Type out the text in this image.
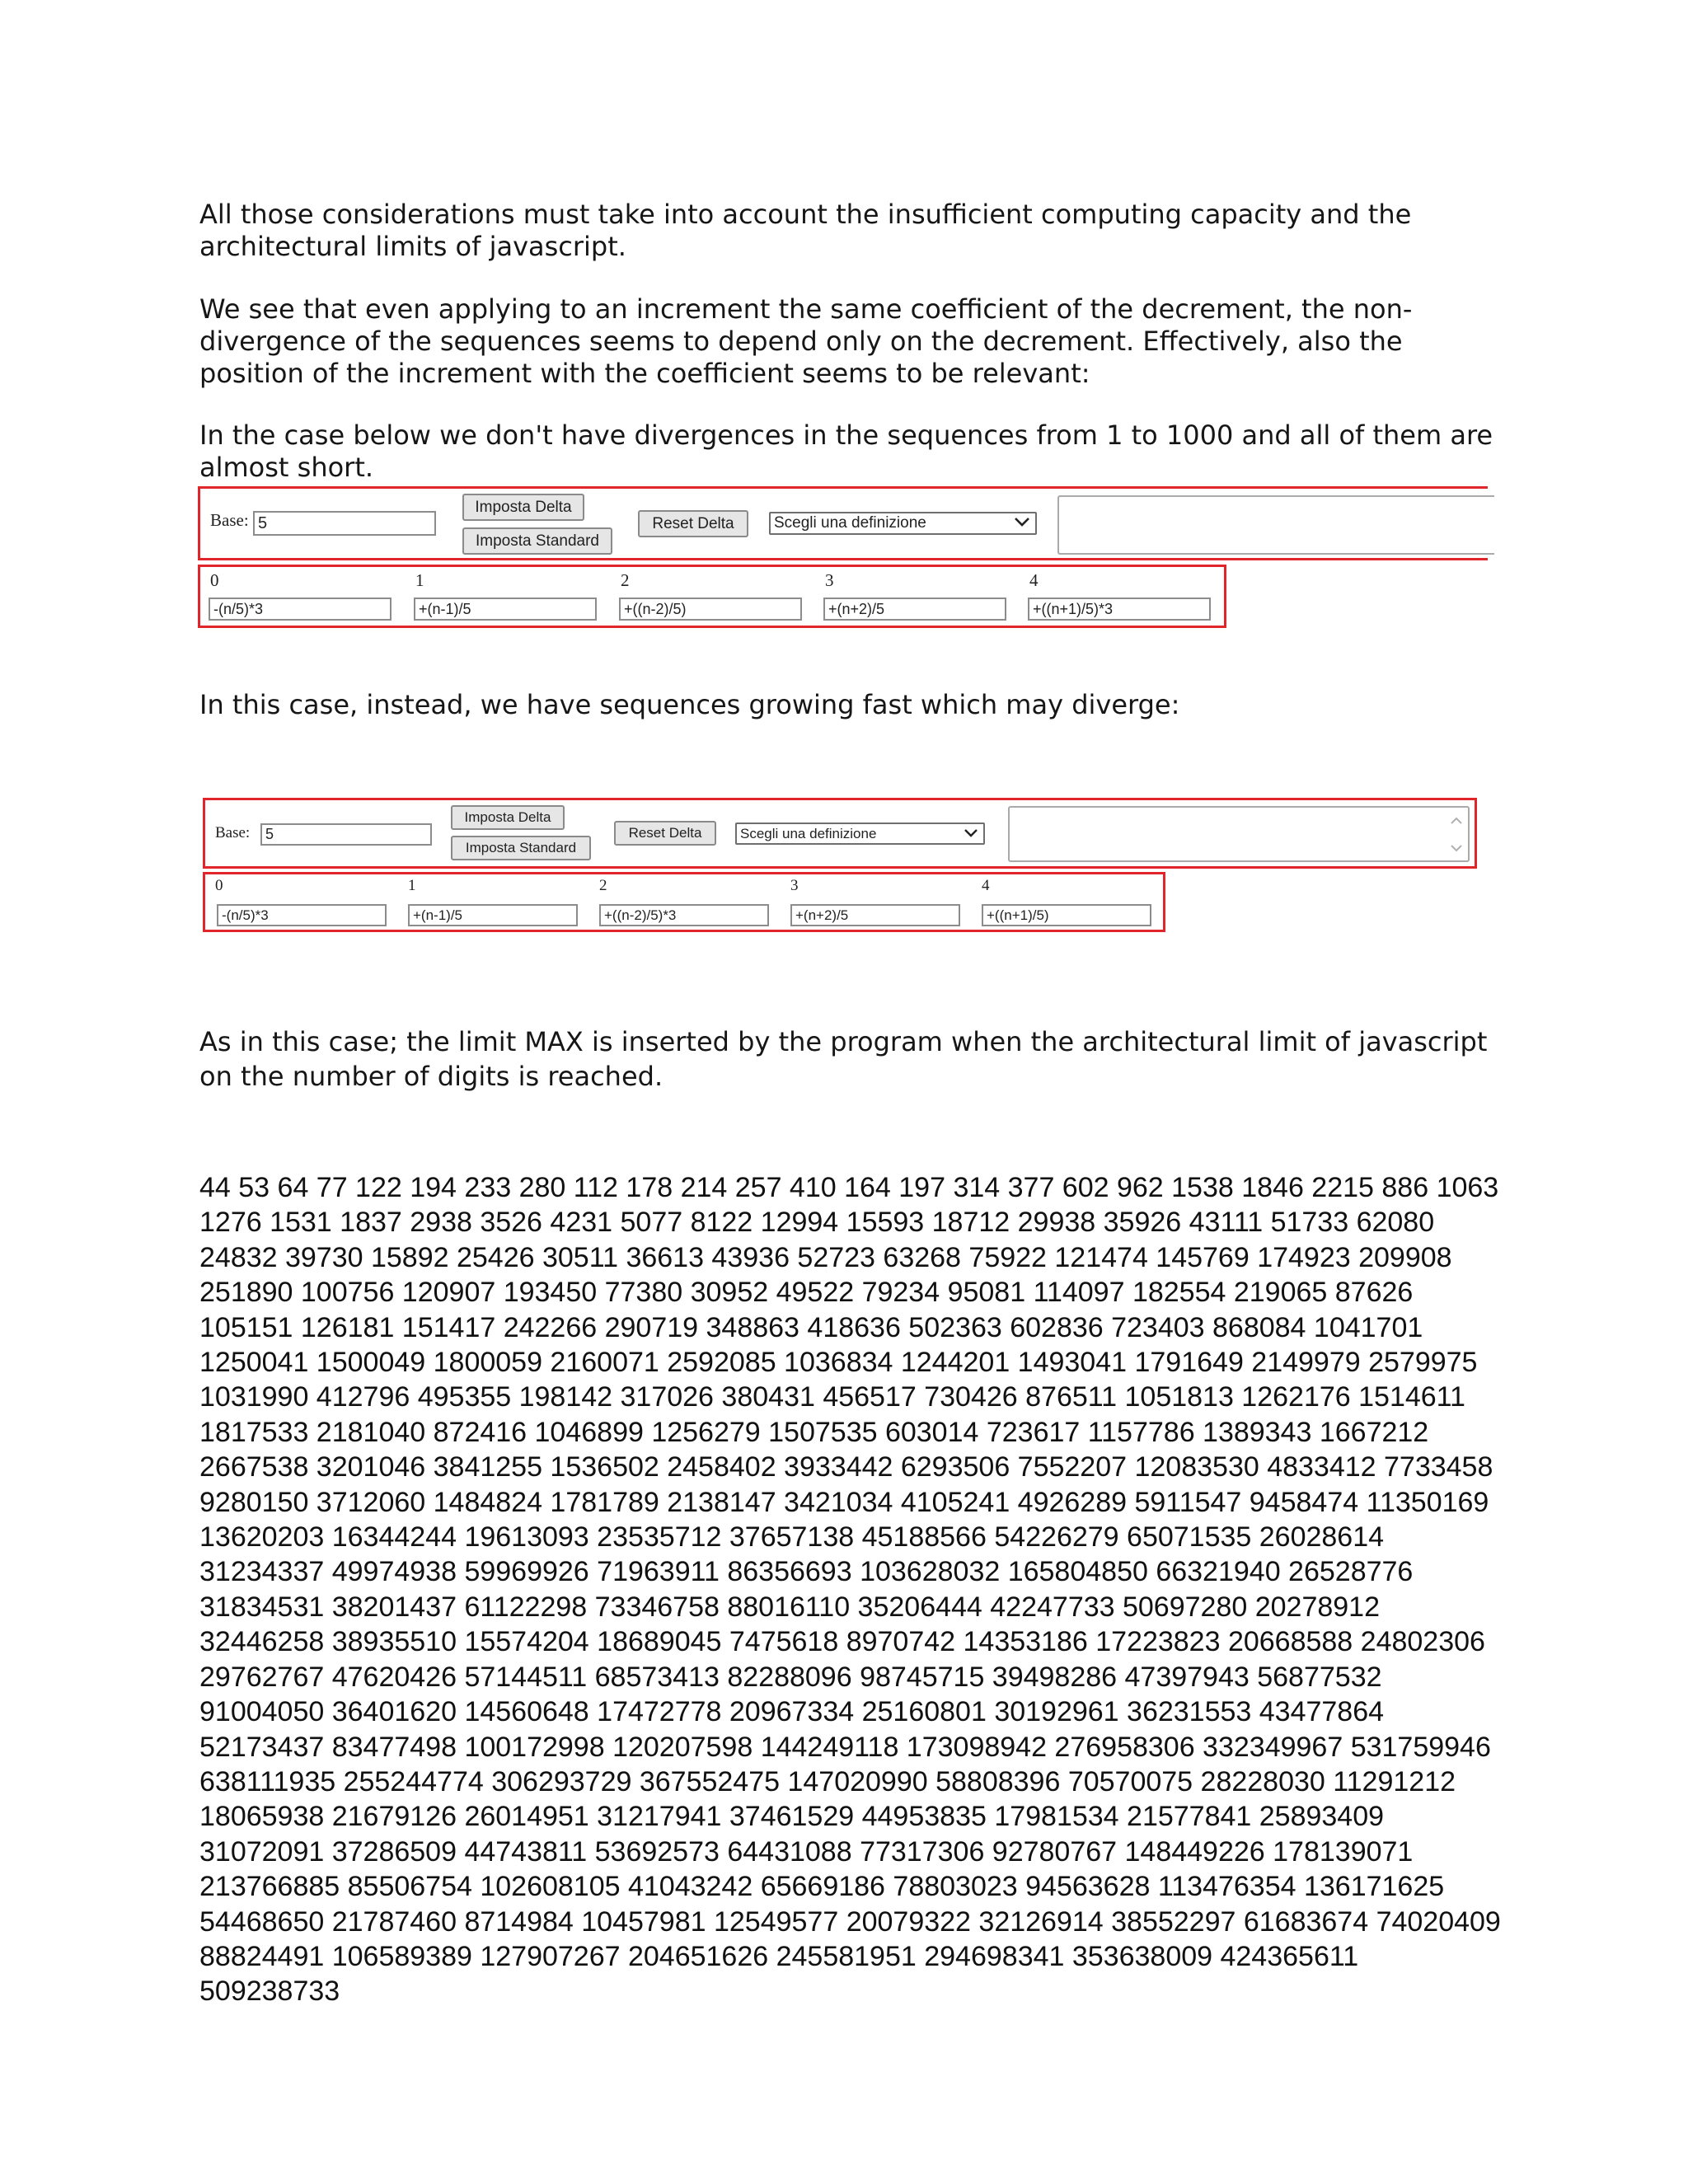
All those considerations must take into account the insufficient computing capacity and the architectural limits of javascript.

We see that even applying to an increment the same coefficient of the decrement, the non-divergence of the sequences seems to depend only on the decrement. Effectively, also the position of the increment with the coefficient seems to be relevant:

In the case below we don't have divergences in the sequences from 1 to 1000 and all of them are almost short.

Base: 5
Imposta Delta
Imposta Standard
Reset Delta	Scegli una definizione
0	1	2	3	4
-(n/5)*3	+(n-1)/5	+((n-2)/5)	+(n+2)/5	+((n+1)/5)*3

In this case, instead, we have sequences growing fast which may diverge:

Base:	5
Imposta Delta
Imposta Standard
Reset Delta	Scegli una definizione
0	1	2	3	4
-(n/5)*3	+(n-1)/5	+((n-2)/5)*3	+(n+2)/5	+((n+1)/5)

As in this case; the limit MAX is inserted by the program when the architectural limit of javascript on the number of digits is reached.

44 53 64 77 122 194 233 280 112 178 214 257 410 164 197 314 377 602 962 1538 1846 2215 886 1063 1276 1531 1837 2938 3526 4231 5077 8122 12994 15593 18712 29938 35926 43111 51733 62080 24832 39730 15892 25426 30511 36613 43936 52723 63268 75922 121474 145769 174923 209908 251890 100756 120907 193450 77380 30952 49522 79234 95081 114097 182554 219065 87626 105151 126181 151417 242266 290719 348863 418636 502363 602836 723403 868084 1041701 1250041 1500049 1800059 2160071 2592085 1036834 1244201 1493041 1791649 2149979 2579975 1031990 412796 495355 198142 317026 380431 456517 730426 876511 1051813 1262176 1514611 1817533 2181040 872416 1046899 1256279 1507535 603014 723617 1157786 1389343 1667212 2667538 3201046 3841255 1536502 2458402 3933442 6293506 7552207 12083530 4833412 7733458 9280150 3712060 1484824 1781789 2138147 3421034 4105241 4926289 5911547 9458474 11350169 13620203 16344244 19613093 23535712 37657138 45188566 54226279 65071535 26028614 31234337 49974938 59969926 71963911 86356693 103628032 165804850 66321940 26528776 31834531 38201437 61122298 73346758 88016110 35206444 42247733 50697280 20278912 32446258 38935510 15574204 18689045 7475618 8970742 14353186 17223823 20668588 24802306 29762767 47620426 57144511 68573413 82288096 98745715 39498286 47397943 56877532 91004050 36401620 14560648 17472778 20967334 25160801 30192961 36231553 43477864 52173437 83477498 100172998 120207598 144249118 173098942 276958306 332349967 531759946 638111935 255244774 306293729 367552475 147020990 58808396 70570075 28228030 11291212 18065938 21679126 26014951 31217941 37461529 44953835 17981534 21577841 25893409 31072091 37286509 44743811 53692573 64431088 77317306 92780767 148449226 178139071 213766885 85506754 102608105 41043242 65669186 78803023 94563628 113476354 136171625 54468650 21787460 8714984 10457981 12549577 20079322 32126914 38552297 61683674 74020409 88824491 106589389 127907267 204651626 245581951 294698341 353638009 424365611 509238733
